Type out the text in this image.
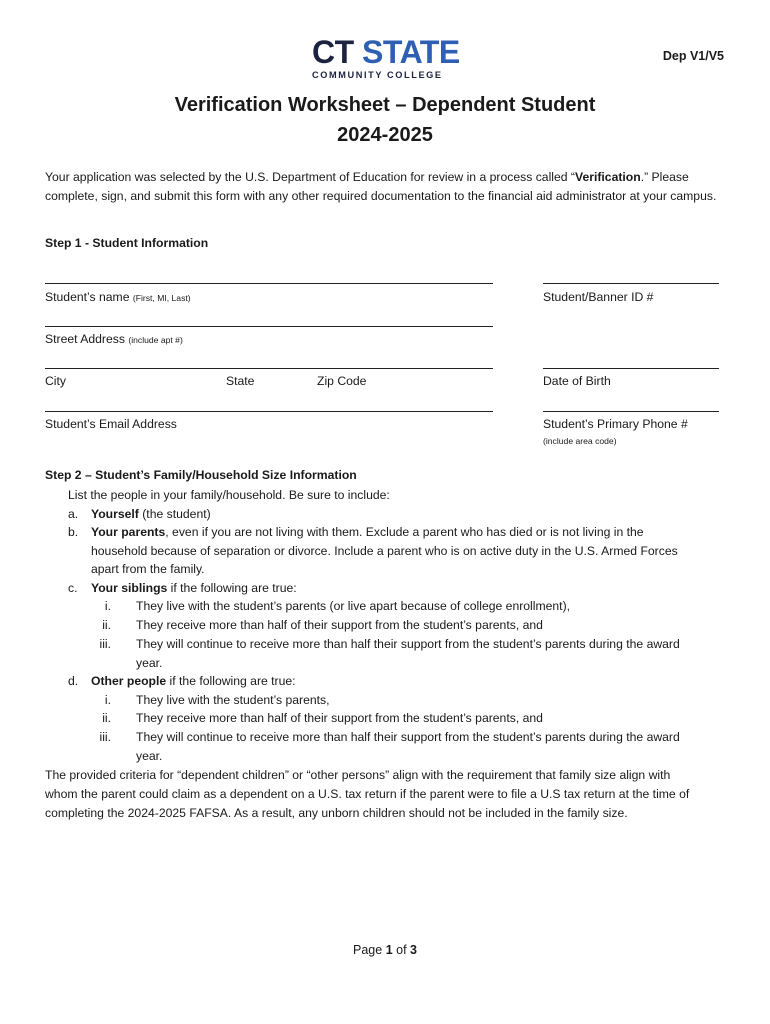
CT STATE
COMMUNITY COLLEGE
Dep V1/V5
Verification Worksheet – Dependent Student
2024-2025
Your application was selected by the U.S. Department of Education for review in a process called “Verification.” Please complete, sign, and submit this form with any other required documentation to the financial aid administrator at your campus.
Step 1 - Student Information
Student’s name (First, MI, Last)	Student/Banner ID #
Street Address (include apt #)
City	State	Zip Code	Date of Birth
Student’s Email Address	Student’s Primary Phone #
(include area code)
Step 2 – Student’s Family/Household Size Information
List the people in your family/household. Be sure to include:
a. Yourself (the student)
b. Your parents, even if you are not living with them. Exclude a parent who has died or is not living in the
household because of separation or divorce. Include a parent who is on active duty in the U.S. Armed Forces
apart from the family.
c. Your siblings if the following are true:
i. They live with the student’s parents (or live apart because of college enrollment),
ii. They receive more than half of their support from the student’s parents, and
iii. They will continue to receive more than half their support from the student’s parents during the award
year.
d. Other people if the following are true:
i. They live with the student’s parents,
ii. They receive more than half of their support from the student’s parents, and
iii. They will continue to receive more than half their support from the student’s parents during the award
year.
The provided criteria for “dependent children” or “other persons” align with the requirement that family size align with
whom the parent could claim as a dependent on a U.S. tax return if the parent were to file a U.S tax return at the time of
completing the 2024-2025 FAFSA. As a result, any unborn children should not be included in the family size.
Page 1 of 3
